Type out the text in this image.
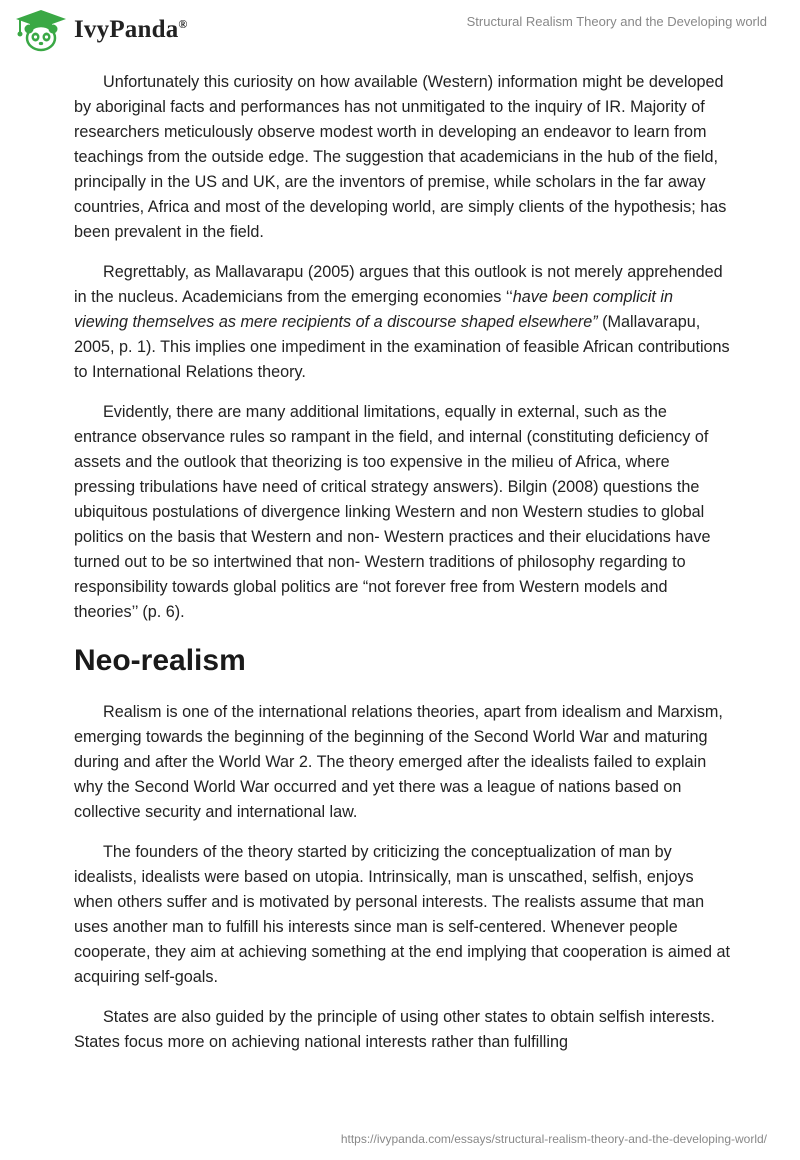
IvyPanda®	Structural Realism Theory and the Developing world

Unfortunately this curiosity on how available (Western) information might be developed by aboriginal facts and performances has not unmitigated to the inquiry of IR. Majority of researchers meticulously observe modest worth in developing an endeavor to learn from teachings from the outside edge. The suggestion that academicians in the hub of the field, principally in the US and UK, are the inventors of premise, while scholars in the far away countries, Africa and most of the developing world, are simply clients of the hypothesis; has been prevalent in the field.

Regrettably, as Mallavarapu (2005) argues that this outlook is not merely apprehended in the nucleus. Academicians from the emerging economies ‘‘have been complicit in viewing themselves as mere recipients of a discourse shaped elsewhere” (Mallavarapu, 2005, p. 1). This implies one impediment in the examination of feasible African contributions to International Relations theory.

Evidently, there are many additional limitations, equally in external, such as the entrance observance rules so rampant in the field, and internal (constituting deficiency of assets and the outlook that theorizing is too expensive in the milieu of Africa, where pressing tribulations have need of critical strategy answers). Bilgin (2008) questions the ubiquitous postulations of divergence linking Western and non Western studies to global politics on the basis that Western and non- Western practices and their elucidations have turned out to be so intertwined that non- Western traditions of philosophy regarding to responsibility towards global politics are “not forever free from Western models and theories’’ (p. 6).

Neo-realism

Realism is one of the international relations theories, apart from idealism and Marxism, emerging towards the beginning of the beginning of the Second World War and maturing during and after the World War 2. The theory emerged after the idealists failed to explain why the Second World War occurred and yet there was a league of nations based on collective security and international law.

The founders of the theory started by criticizing the conceptualization of man by idealists, idealists were based on utopia. Intrinsically, man is unscathed, selfish, enjoys when others suffer and is motivated by personal interests. The realists assume that man uses another man to fulfill his interests since man is self-centered. Whenever people cooperate, they aim at achieving something at the end implying that cooperation is aimed at acquiring self-goals.

States are also guided by the principle of using other states to obtain selfish interests. States focus more on achieving national interests rather than fulfilling

https://ivypanda.com/essays/structural-realism-theory-and-the-developing-world/
